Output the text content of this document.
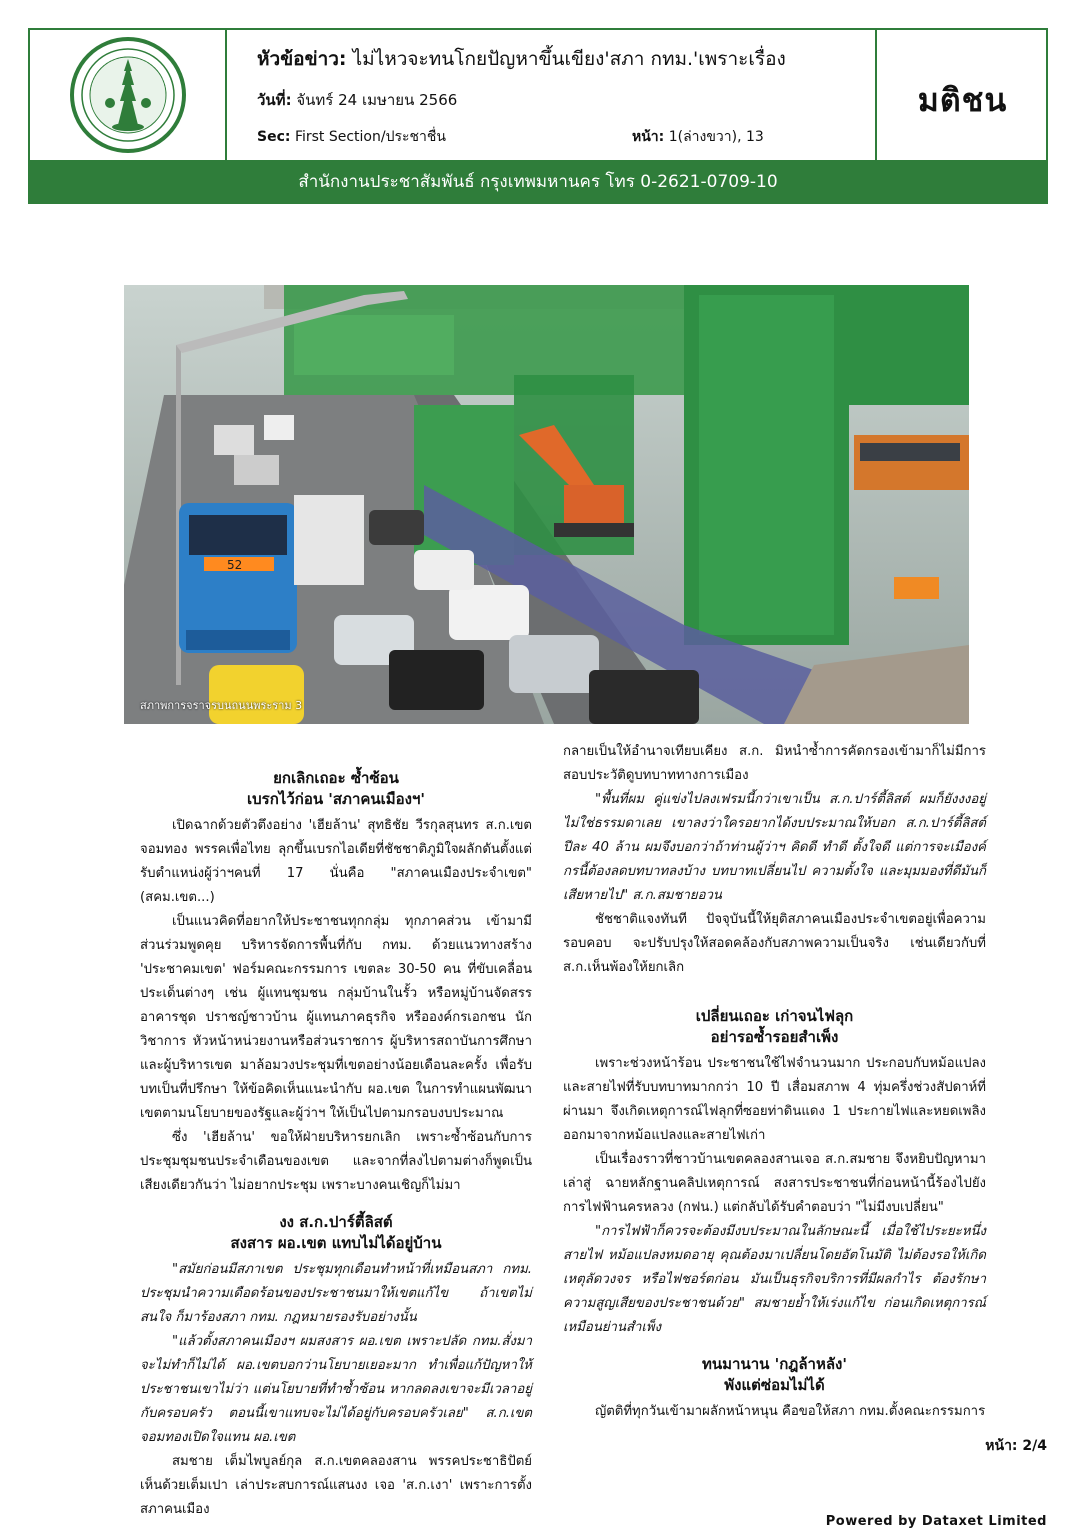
หัวข้อข่าว: ไม่ไหวจะทนโกยปัญหาขึ้นเขียง'สภา กทม.'เพราะเรื่อง
วันที่: จันทร์ 24 เมษายน 2566
Sec: First Section/ประชาชื่น	หน้า: 1(ล่างขวา), 13
มติชน
สำนักงานประชาสัมพันธ์ กรุงเทพมหานคร โทร 0-2621-0709-10
52
สภาพการจราจรบนถนนพระราม 3

ยกเลิกเถอะ ซ้ำซ้อน

เบรกไว้ก่อน 'สภาคนเมืองฯ'

เปิดฉากด้วยตัวตึงอย่าง 'เฮียล้าน' สุทธิชัย วีรกุลสุนทร ส.ก.เขตจอมทอง พรรคเพื่อไทย ลุกขึ้นเบรกไอเดียที่ชัชชาติภูมิใจผลักดันตั้งแต่รับตำแหน่งผู้ว่าฯคนที่ 17 นั่นคือ "สภาคนเมืองประจำเขต" (สคม.เขต...)

เป็นแนวคิดที่อยากให้ประชาชนทุกกลุ่ม ทุกภาคส่วน เข้ามามีส่วนร่วมพูดคุย บริหารจัดการพื้นที่กับ กทม. ด้วยแนวทางสร้าง 'ประชาคมเขต' ฟอร์มคณะกรรมการ เขตละ 30-50 คน ที่ขับเคลื่อนประเด็นต่างๆ เช่น ผู้แทนชุมชน กลุ่มบ้านในรั้ว หรือหมู่บ้านจัดสรร อาคารชุด ปราชญ์ชาวบ้าน ผู้แทนภาคธุรกิจ หรือองค์กรเอกชน นักวิชาการ หัวหน้าหน่วยงานหรือส่วนราชการ ผู้บริหารสถาบันการศึกษา และผู้บริหารเขต มาล้อมวงประชุมที่เขตอย่างน้อยเดือนละครั้ง เพื่อรับบทเป็นที่ปรึกษา ให้ข้อคิดเห็นแนะนำกับ ผอ.เขต ในการทำแผนพัฒนาเขตตามนโยบายของรัฐและผู้ว่าฯ ให้เป็นไปตามกรอบงบประมาณ

ซึ่ง 'เฮียล้าน' ขอให้ฝ่ายบริหารยกเลิก เพราะซ้ำซ้อนกับการประชุมชุมชนประจำเดือนของเขต และจากที่ลงไปตามต่างก็พูดเป็นเสียงเดียวกันว่า ไม่อยากประชุม เพราะบางคนเชิญก็ไม่มา

งง ส.ก.ปาร์ตี้ลิสต์

สงสาร ผอ.เขต แทบไม่ได้อยู่บ้าน

"สมัยก่อนมีสภาเขต ประชุมทุกเดือนทำหน้าที่เหมือนสภา กทม. ประชุมนำความเดือดร้อนของประชาชนมาให้เขตแก้ไข ถ้าเขตไม่สนใจ ก็มาร้องสภา กทม. กฎหมายรองรับอย่างนั้น

"แล้วตั้งสภาคนเมืองฯ ผมสงสาร ผอ.เขต เพราะปลัด กทม.สั่งมาจะไม่ทำก็ไม่ได้ ผอ.เขตบอกว่านโยบายเยอะมาก ทำเพื่อแก้ปัญหาให้ประชาชนเขาไม่ว่า แต่นโยบายที่ทำซ้ำซ้อน หากลดลงเขาจะมีเวลาอยู่กับครอบครัว ตอนนี้เขาแทบจะไม่ได้อยู่กับครอบครัวเลย" ส.ก.เขตจอมทองเปิดใจแทน ผอ.เขต

สมชาย เต็มไพบูลย์กุล ส.ก.เขตคลองสาน พรรคประชาธิปัตย์ เห็นด้วยเต็มเปา เล่าประสบการณ์แสนงง เจอ 'ส.ก.เงา' เพราะการตั้งสภาคนเมือง

กลายเป็นให้อำนาจเทียบเคียง ส.ก. มิหนำซ้ำการคัดกรองเข้ามาก็ไม่มีการสอบประวัติดูบทบาททางการเมือง

"พื้นที่ผม คู่แข่งไปลงเฟรมนี้กว่าเขาเป็น ส.ก.ปาร์ตี้ลิสต์ ผมก็ยังงงอยู่ ไม่ใช่ธรรมดาเลย เขาลงว่าใครอยากได้งบประมาณให้บอก ส.ก.ปาร์ตี้ลิสต์ ปีละ 40 ล้าน ผมจึงบอกว่าถ้าท่านผู้ว่าฯ คิดดี ทำดี ตั้งใจดี แต่การจะเมืองค์กรนี้ต้องลดบทบาทลงบ้าง บทบาทเปลี่ยนไป ความตั้งใจ และมุมมองที่ดีมันก็เสียหายไป" ส.ก.สมชายอวน

ชัชชาติแจงทันที ปัจจุบันนี้ให้ยุติสภาคนเมืองประจำเขตอยู่เพื่อความรอบคอบ จะปรับปรุงให้สอดคล้องกับสภาพความเป็นจริง เช่นเดียวกับที่ ส.ก.เห็นพ้องให้ยกเลิก

เปลี่ยนเถอะ เก่าจนไฟลุก

อย่ารอซ้ำรอยสำเพ็ง

เพราะช่วงหน้าร้อน ประชาชนใช้ไฟจำนวนมาก ประกอบกับหม้อแปลงและสายไฟที่รับบทบาทมากกว่า 10 ปี เสื่อมสภาพ 4 ทุ่มครึ่งช่วงสัปดาห์ที่ผ่านมา จึงเกิดเหตุการณ์ไฟลุกที่ซอยท่าดินแดง 1 ประกายไฟและหยดเพลิงออกมาจากหม้อแปลงและสายไฟเก่า

เป็นเรื่องราวที่ชาวบ้านเขตคลองสานเจอ ส.ก.สมชาย จึงหยิบปัญหามาเล่าสู่ ฉายหลักฐานคลิปเหตุการณ์ สงสารประชาชนที่ก่อนหน้านี้ร้องไปยังการไฟฟ้านครหลวง (กฟน.) แต่กลับได้รับคำตอบว่า "ไม่มีงบเปลี่ยน"

"การไฟฟ้าก็ควรจะต้องมีงบประมาณในลักษณะนี้ เมื่อใช้ไประยะหนึ่ง สายไฟ หม้อแปลงหมดอายุ คุณต้องมาเปลี่ยนโดยอัตโนมัติ ไม่ต้องรอให้เกิดเหตุลัดวงจร หรือไฟชอร์ตก่อน มันเป็นธุรกิจบริการที่มีผลกำไร ต้องรักษาความสูญเสียของประชาชนด้วย" สมชายย้ำให้เร่งแก้ไข ก่อนเกิดเหตุการณ์เหมือนย่านสำเพ็ง

ทนมานาน 'กฎล้าหลัง'

พังแต่ซ่อมไม่ได้

ญัตติที่ทุกวันเข้ามาผลักหน้าหนุน คือขอให้สภา กทม.ตั้งคณะกรรมการ

หน้า: 2/4
Powered by Dataxet Limited
